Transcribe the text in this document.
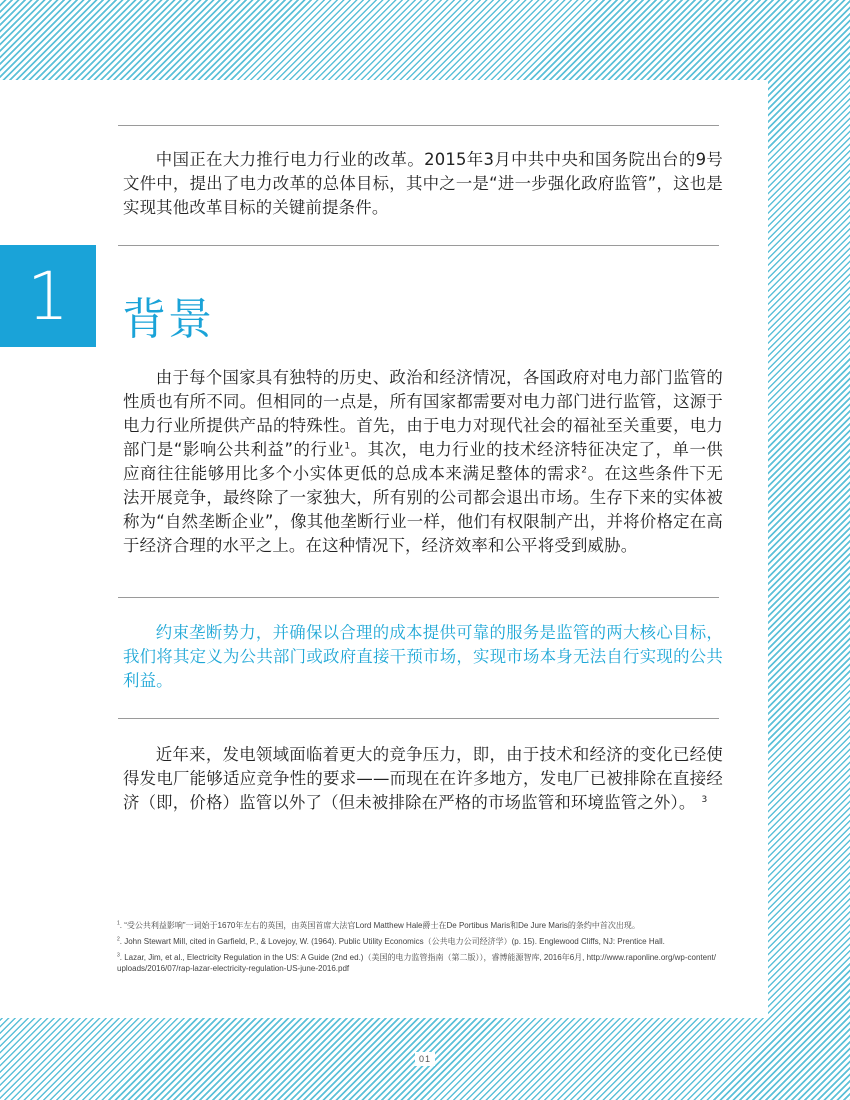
中国正在大力推行电力行业的改革。2015年3月中共中央和国务院出台的9号文件中，提出了电力改革的总体目标，其中之一是“进一步强化政府监管”，这也是实现其他改革目标的关键前提条件。

1 背景

由于每个国家具有独特的历史、政治和经济情况，各国政府对电力部门监管的性质也有所不同。但相同的一点是，所有国家都需要对电力部门进行监管，这源于电力行业所提供产品的特殊性。首先，由于电力对现代社会的福祉至关重要，电力部门是“影响公共利益”的行业$^1$。其次，电力行业的技术经济特征决定了，单一供应商往往能够用比多个小实体更低的总成本来满足整体的需求$^2$。在这些条件下无法开展竞争，最终除了一家独大，所有别的公司都会退出市场。生存下来的实体被称为“自然垄断企业”，像其他垄断行业一样，他们有权限制产出，并将价格定在高于经济合理的水平之上。在这种情况下，经济效率和公平将受到威胁。

约束垄断势力，并确保以合理的成本提供可靠的服务是监管的两大核心目标，我们将其定义为公共部门或政府直接干预市场，实现市场本身无法自行实现的公共利益。

近年来，发电领域面临着更大的竞争压力，即，由于技术和经济的变化已经使得发电厂能够适应竞争性的要求——而现在在许多地方，发电厂已被排除在直接经济（即，价格）监管以外了（但未被排除在严格的市场监管和环境监管之外）。 $^3$

$^1$. “受公共利益影响”一词始于1670年左右的英国，由英国首席大法官Lord Matthew Hale爵士在De Portibus Maris和De Jure Maris的条约中首次出现。

$^2$. John Stewart Mill, cited in Garfield, P., & Lovejoy, W. (1964). Public Utility Economics（公共电力公司经济学）(p. 15). Englewood Cliffs, NJ: Prentice Hall.

$^3$. Lazar, Jim, et al., Electricity Regulation in the US: A Guide (2nd ed.)（美国的电力监管指南（第二版）），睿博能源智库, 2016年6月, http://www.raponline.org/wp-content/uploads/2016/07/rap-lazar-electricity-regulation-US-june-2016.pdf

01
